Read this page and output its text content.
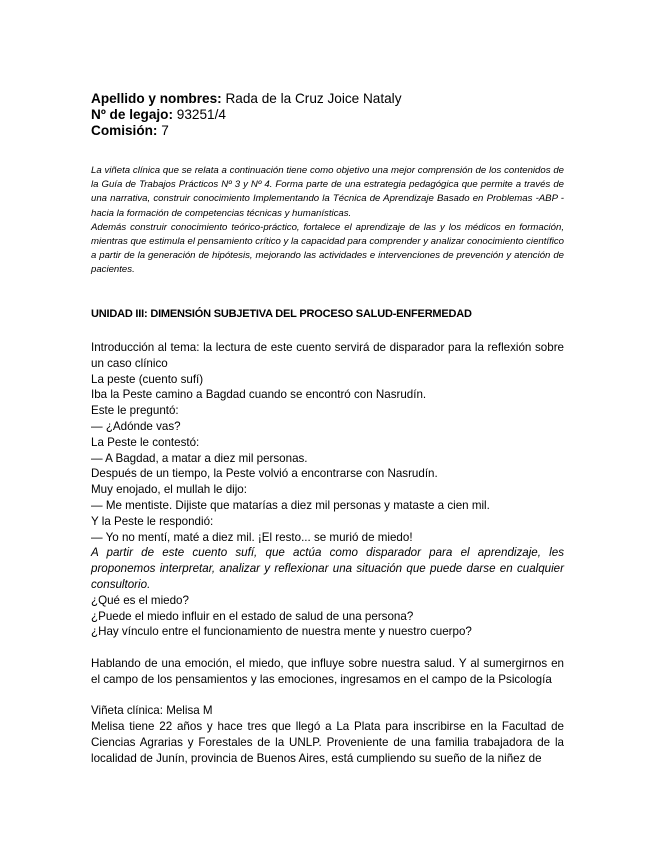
Apellido y nombres: Rada de la Cruz Joice Nataly
Nº de legajo: 93251/4
Comisión: 7

La viñeta clínica que se relata a continuación tiene como objetivo una mejor comprensión de los contenidos de la Guía de Trabajos Prácticos Nº 3 y Nº 4. Forma parte de una estrategia pedagógica que permite a través de una narrativa, construir conocimiento Implementando la Técnica de Aprendizaje Basado en Problemas -ABP - hacia la formación de competencias técnicas y humanísticas.

Además construir conocimiento teórico-práctico, fortalece el aprendizaje de las y los médicos en formación, mientras que estimula el pensamiento crítico y la capacidad para comprender y analizar conocimiento científico a partir de la generación de hipótesis, mejorando las actividades e intervenciones de prevención y atención de pacientes.

UNIDAD III: DIMENSIÓN SUBJETIVA DEL PROCESO SALUD-ENFERMEDAD

Introducción al tema: la lectura de este cuento servirá de disparador para la reflexión sobre un caso clínico

La peste (cuento sufí)

Iba la Peste camino a Bagdad cuando se encontró con Nasrudín.

Este le preguntó:

— ¿Adónde vas?

La Peste le contestó:

— A Bagdad, a matar a diez mil personas.

Después de un tiempo, la Peste volvió a encontrarse con Nasrudín.

Muy enojado, el mullah le dijo:

— Me mentiste. Dijiste que matarías a diez mil personas y mataste a cien mil.

Y la Peste le respondió:

— Yo no mentí, maté a diez mil. ¡El resto... se murió de miedo!

A partir de este cuento sufí, que actúa como disparador para el aprendizaje, les proponemos interpretar, analizar y reflexionar una situación que puede darse en cualquier consultorio.

¿Qué es el miedo?

¿Puede el miedo influir en el estado de salud de una persona?

¿Hay vínculo entre el funcionamiento de nuestra mente y nuestro cuerpo?

Hablando de una emoción, el miedo, que influye sobre nuestra salud. Y al sumergirnos en el campo de los pensamientos y las emociones, ingresamos en el campo de la Psicología

Viñeta clínica: Melisa M

Melisa tiene 22 años y hace tres que llegó a La Plata para inscribirse en la Facultad de Ciencias Agrarias y Forestales de la UNLP. Proveniente de una familia trabajadora de la localidad de Junín, provincia de Buenos Aires, está cumpliendo su sueño de la niñez de
